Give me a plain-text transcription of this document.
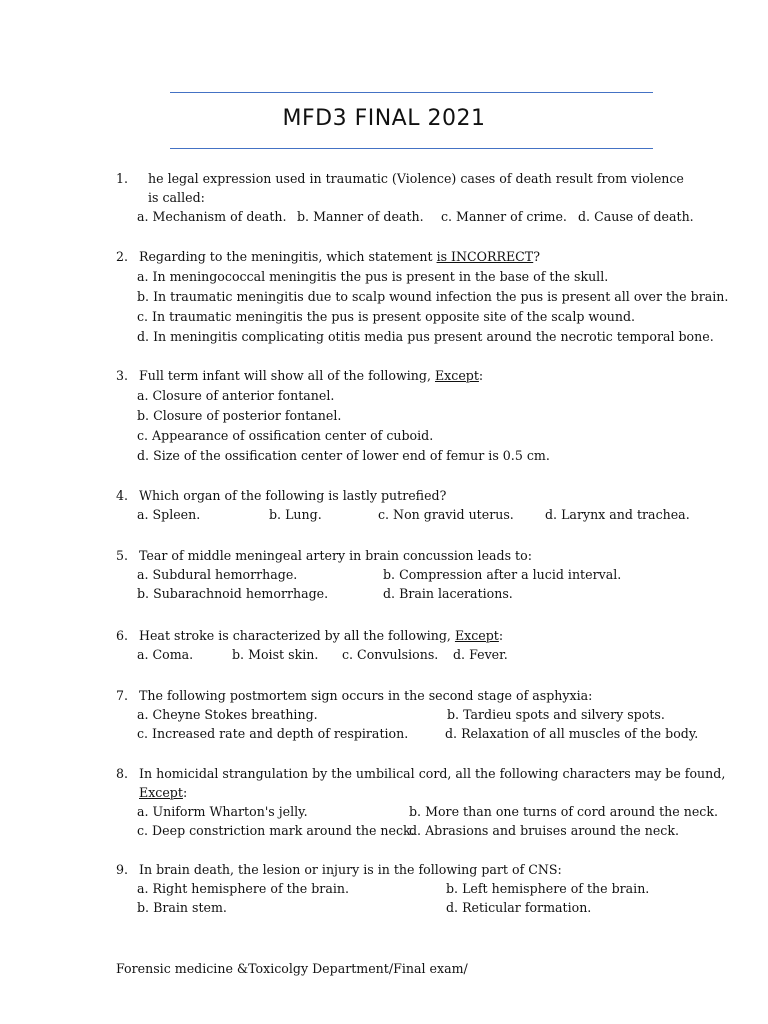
MFD3 FINAL 2021
1. he legal expression used in traumatic (Violence) cases of death result from violence is called:
a. Mechanism of death. b. Manner of death. c. Manner of crime. d. Cause of death.
2. Regarding to the meningitis, which statement is INCORRECT?
a. In meningococcal meningitis the pus is present in the base of the skull.
b. In traumatic meningitis due to scalp wound infection the pus is present all over the brain.
c. In traumatic meningitis the pus is present opposite site of the scalp wound.
d. In meningitis complicating otitis media pus present around the necrotic temporal bone.
3. Full term infant will show all of the following, Except:
a. Closure of anterior fontanel.
b. Closure of posterior fontanel.
c. Appearance of ossification center of cuboid.
d. Size of the ossification center of lower end of femur is 0.5 cm.
4. Which organ of the following is lastly putrefied?
a. Spleen.	b. Lung.	c. Non gravid uterus. d. Larynx and trachea.
5. Tear of middle meningeal artery in brain concussion leads to:
a. Subdural hemorrhage.	b. Compression after a lucid interval.
b. Subarachnoid hemorrhage.	d. Brain lacerations.
6. Heat stroke is characterized by all the following, Except:
a. Coma.	b. Moist skin. c. Convulsions. d. Fever.
7. The following postmortem sign occurs in the second stage of asphyxia:
a. Cheyne Stokes breathing.	b. Tardieu spots and silvery spots.
c. Increased rate and depth of respiration.	d. Relaxation of all muscles of the body.
8. In homicidal strangulation by the umbilical cord, all the following characters may be found,
Except:
a. Uniform Wharton's jelly.	b. More than one turns of cord around the neck.
c. Deep constriction mark around the neck.
d. Abrasions and bruises around the neck.
9. In brain death, the lesion or injury is in the following part of CNS:
a. Right hemisphere of the brain.	b. Left hemisphere of the brain.
b. Brain stem.	d. Reticular formation.
Forensic medicine &Toxicolgy Department/Final exam/
